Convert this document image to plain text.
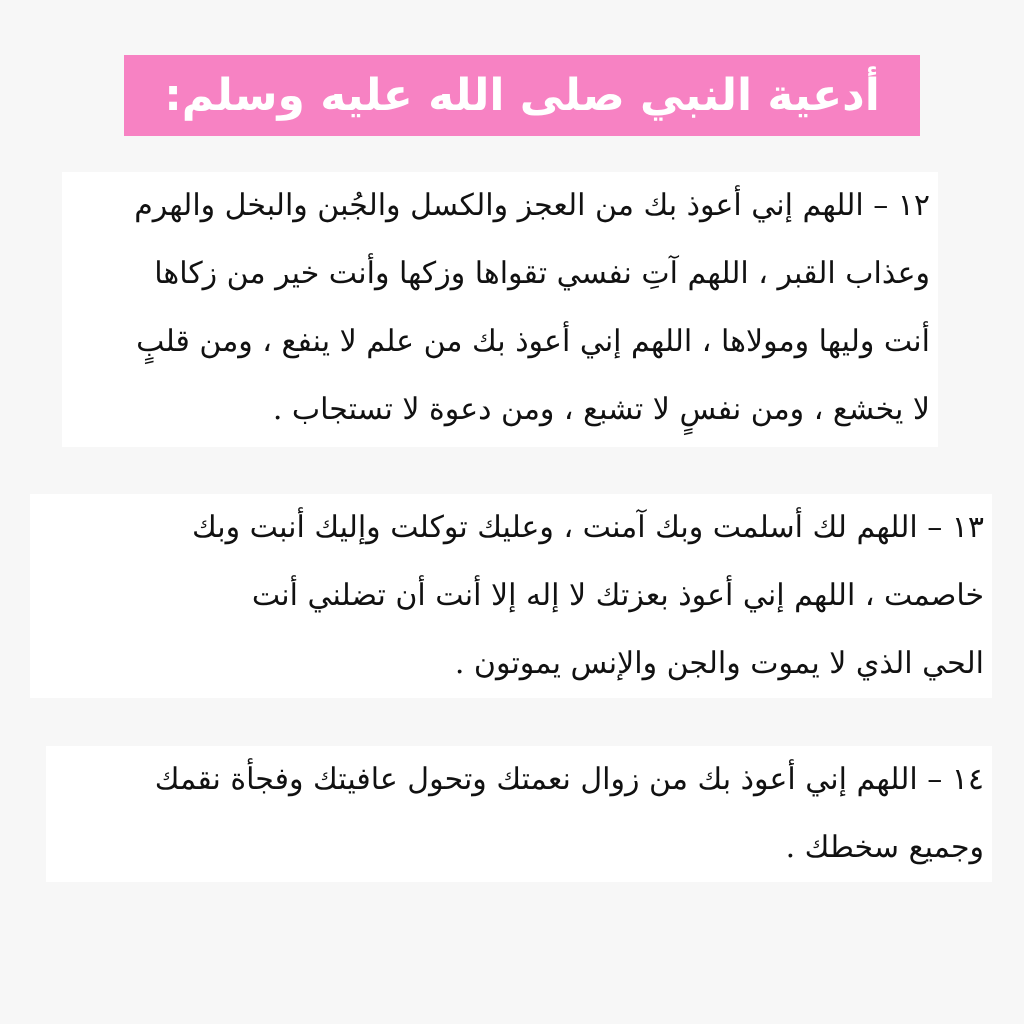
أدعية النبي صلى الله عليه وسلم:

١٢ – اللهم إني أعوذ بك من العجز والكسل والجُبن والبخل والهرم
وعذاب القبر ، اللهم آتِ نفسي تقواها وزكها وأنت خير من زكاها
أنت وليها ومولاها ، اللهم إني أعوذ بك من علم لا ينفع ، ومن قلبٍ
لا يخشع ، ومن نفسٍ لا تشبع ، ومن دعوة لا تستجاب .

١٣ – اللهم لك أسلمت وبك آمنت ، وعليك توكلت وإليك أنبت وبك
خاصمت ، اللهم إني أعوذ بعزتك لا إله إلا أنت أن تضلني أنت
الحي الذي لا يموت والجن والإنس يموتون .

١٤ – اللهم إني أعوذ بك من زوال نعمتك وتحول عافيتك وفجأة نقمك
وجميع سخطك .
